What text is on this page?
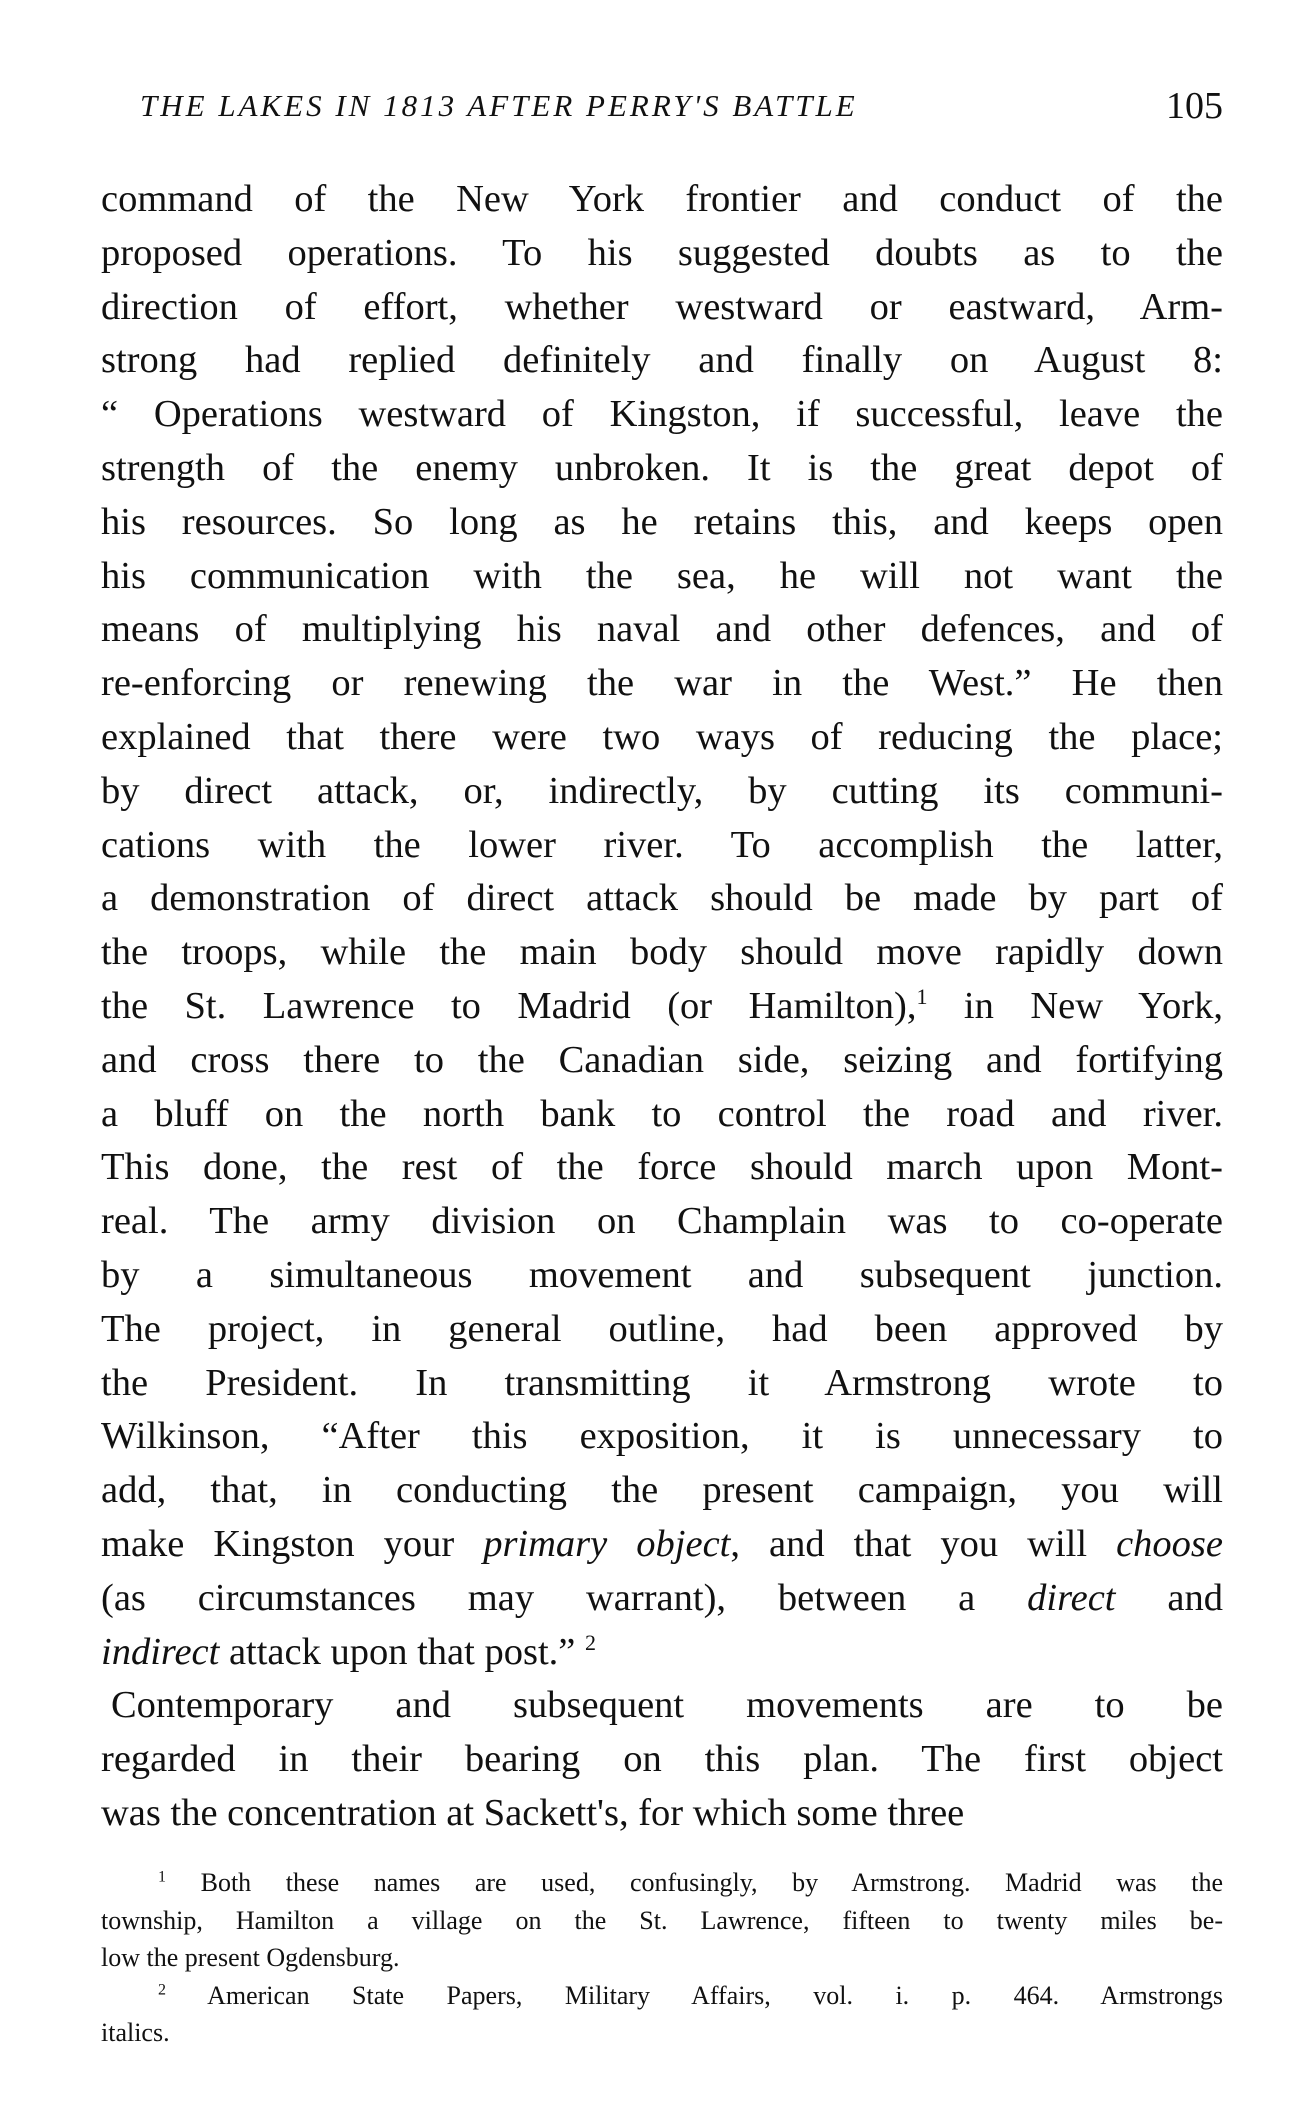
THE LAKES IN 1813 AFTER PERRY'S BATTLE	105
command of the New York frontier and conduct of the
proposed operations. To his suggested doubts as to the
direction of effort, whether westward or eastward, Arm-
strong had replied definitely and finally on August 8:
“ Operations westward of Kingston, if successful, leave the
strength of the enemy unbroken. It is the great depot of
his resources. So long as he retains this, and keeps open
his communication with the sea, he will not want the
means of multiplying his naval and other defences, and of
re-enforcing or renewing the war in the West.” He then
explained that there were two ways of reducing the place;
by direct attack, or, indirectly, by cutting its communi-
cations with the lower river. To accomplish the latter,
a demonstration of direct attack should be made by part of
the troops, while the main body should move rapidly down
the St. Lawrence to Madrid (or Hamilton),$^1$ in New York,
and cross there to the Canadian side, seizing and fortifying
a bluff on the north bank to control the road and river.
This done, the rest of the force should march upon Mont-
real. The army division on Champlain was to co-operate
by a simultaneous movement and subsequent junction.
The project, in general outline, had been approved by
the President. In transmitting it Armstrong wrote to
Wilkinson, “After this exposition, it is unnecessary to
add, that, in conducting the present campaign, you will
make Kingston your primary object, and that you will choose
(as circumstances may warrant), between a direct and
indirect attack upon that post.” $^2$
Contemporary and subsequent movements are to be
regarded in their bearing on this plan. The first object
was the concentration at Sackett's, for which some three
$^1$ Both these names are used, confusingly, by Armstrong. Madrid was the
township, Hamilton a village on the St. Lawrence, fifteen to twenty miles be-
low the present Ogdensburg.
$^2$ American State Papers, Military Affairs, vol. i. p. 464. Armstrongs
italics.
